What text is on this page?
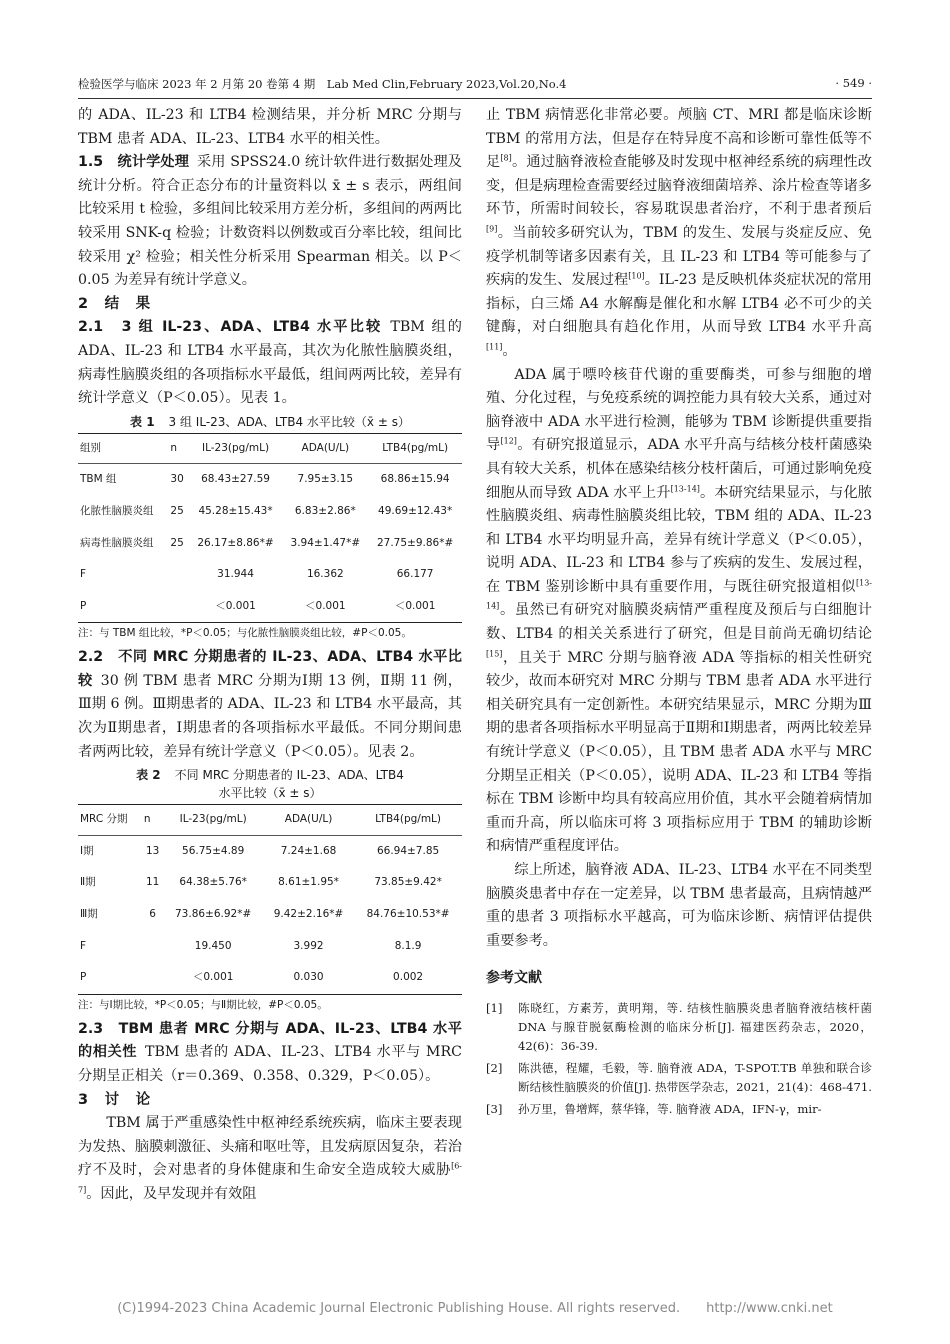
检验医学与临床 2023 年 2 月第 20 卷第 4 期　Lab Med Clin,February 2023,Vol.20,No.4	· 549 ·

的 ADA、IL-23 和 LTB4 检测结果，并分析 MRC 分期与 TBM 患者 ADA、IL-23、LTB4 水平的相关性。

1.5　统计学处理 采用 SPSS24.0 统计软件进行数据处理及统计分析。符合正态分布的计量资料以 x̄ ± s 表示，两组间比较采用 t 检验，多组间比较采用方差分析，多组间的两两比较采用 SNK-q 检验；计数资料以例数或百分率比较，组间比较采用 χ² 检验；相关性分析采用 Spearman 相关。以 P＜0.05 为差异有统计学意义。

2　结　果

2.1　3 组 IL-23、ADA、LTB4 水平比较 TBM 组的 ADA、IL-23 和 LTB4 水平最高，其次为化脓性脑膜炎组，病毒性脑膜炎组的各项指标水平最低，组间两两比较，差异有统计学意义（P＜0.05）。见表 1。

表 1 3 组 IL-23、ADA、LTB4 水平比较（x̄ ± s）
组别	n	IL-23(pg/mL)	ADA(U/L)	LTB4(pg/mL)
TBM 组	30	68.43±27.59	7.95±3.15	68.86±15.94
化脓性脑膜炎组	25	45.28±15.43*	6.83±2.86*	49.69±12.43*
病毒性脑膜炎组	25	26.17±8.86*#	3.94±1.47*#	27.75±9.86*#
F		31.944	16.362	66.177
P		＜0.001	＜0.001	＜0.001

注：与 TBM 组比较，*P＜0.05；与化脓性脑膜炎组比较，#P＜0.05。

2.2　不同 MRC 分期患者的 IL-23、ADA、LTB4 水平比较 30 例 TBM 患者 MRC 分期为Ⅰ期 13 例，Ⅱ期 11 例，Ⅲ期 6 例。Ⅲ期患者的 ADA、IL-23 和 LTB4 水平最高，其次为Ⅱ期患者，Ⅰ期患者的各项指标水平最低。不同分期间患者两两比较，差异有统计学意义（P＜0.05）。见表 2。

表 2 不同 MRC 分期患者的 IL-23、ADA、LTB4
水平比较（x̄ ± s）
MRC 分期	n	IL-23(pg/mL)	ADA(U/L)	LTB4(pg/mL)
Ⅰ期	13	56.75±4.89	7.24±1.68	66.94±7.85
Ⅱ期	11	64.38±5.76*	8.61±1.95*	73.85±9.42*
Ⅲ期	6	73.86±6.92*#	9.42±2.16*#	84.76±10.53*#
F		19.450	3.992	8.1.9
P		＜0.001	0.030	0.002

注：与Ⅰ期比较，*P＜0.05；与Ⅱ期比较，#P＜0.05。

2.3　TBM 患者 MRC 分期与 ADA、IL-23、LTB4 水平的相关性 TBM 患者的 ADA、IL-23、LTB4 水平与 MRC 分期呈正相关（r＝0.369、0.358、0.329，P＜0.05）。

3　讨　论

TBM 属于严重感染性中枢神经系统疾病，临床主要表现为发热、脑膜刺激征、头痛和呕吐等，且发病原因复杂，若治疗不及时，会对患者的身体健康和生命安全造成较大威胁[6-7]。因此，及早发现并有效阻

止 TBM 病情恶化非常必要。颅脑 CT、MRI 都是临床诊断 TBM 的常用方法，但是存在特异度不高和诊断可靠性低等不足[8]。通过脑脊液检查能够及时发现中枢神经系统的病理性改变，但是病理检查需要经过脑脊液细菌培养、涂片检查等诸多环节，所需时间较长，容易耽误患者治疗，不利于患者预后[9]。当前较多研究认为，TBM 的发生、发展与炎症反应、免疫学机制等诸多因素有关，且 IL-23 和 LTB4 等可能参与了疾病的发生、发展过程[10]。IL-23 是反映机体炎症状况的常用指标，白三烯 A4 水解酶是催化和水解 LTB4 必不可少的关键酶，对白细胞具有趋化作用，从而导致 LTB4 水平升高[11]。

ADA 属于嘌呤核苷代谢的重要酶类，可参与细胞的增殖、分化过程，与免疫系统的调控能力具有较大关系，通过对脑脊液中 ADA 水平进行检测，能够为 TBM 诊断提供重要指导[12]。有研究报道显示，ADA 水平升高与结核分枝杆菌感染具有较大关系，机体在感染结核分枝杆菌后，可通过影响免疫细胞从而导致 ADA 水平上升[13-14]。本研究结果显示，与化脓性脑膜炎组、病毒性脑膜炎组比较，TBM 组的 ADA、IL-23 和 LTB4 水平均明显升高，差异有统计学意义（P＜0.05），说明 ADA、IL-23 和 LTB4 参与了疾病的发生、发展过程，在 TBM 鉴别诊断中具有重要作用，与既往研究报道相似[13-14]。虽然已有研究对脑膜炎病情严重程度及预后与白细胞计数、LTB4 的相关关系进行了研究，但是目前尚无确切结论[15]，且关于 MRC 分期与脑脊液 ADA 等指标的相关性研究较少，故而本研究对 MRC 分期与 TBM 患者 ADA 水平进行相关研究具有一定创新性。本研究结果显示，MRC 分期为Ⅲ期的患者各项指标水平明显高于Ⅱ期和Ⅰ期患者，两两比较差异有统计学意义（P＜0.05），且 TBM 患者 ADA 水平与 MRC 分期呈正相关（P＜0.05），说明 ADA、IL-23 和 LTB4 等指标在 TBM 诊断中均具有较高应用价值，其水平会随着病情加重而升高，所以临床可将 3 项指标应用于 TBM 的辅助诊断和病情严重程度评估。

综上所述，脑脊液 ADA、IL-23、LTB4 水平在不同类型脑膜炎患者中存在一定差异，以 TBM 患者最高，且病情越严重的患者 3 项指标水平越高，可为临床诊断、病情评估提供重要参考。

参考文献
[1] 陈晓红，方素芳，黄明翔，等. 结核性脑膜炎患者脑脊液结核杆菌 DNA 与腺苷脱氨酶检测的临床分析[J]. 福建医药杂志，2020，42(6)：36-39.
[2] 陈洪德，程耀，毛毅，等. 脑脊液 ADA，T-SPOT.TB 单独和联合诊断结核性脑膜炎的价值[J]. 热带医学杂志，2021，21(4)：468-471.
[3] 孙万里，鲁增辉，蔡华锋，等. 脑脊液 ADA，IFN-γ，mir-
(C)1994-2023 China Academic Journal Electronic Publishing House. All rights reserved.　　http://www.cnki.net
